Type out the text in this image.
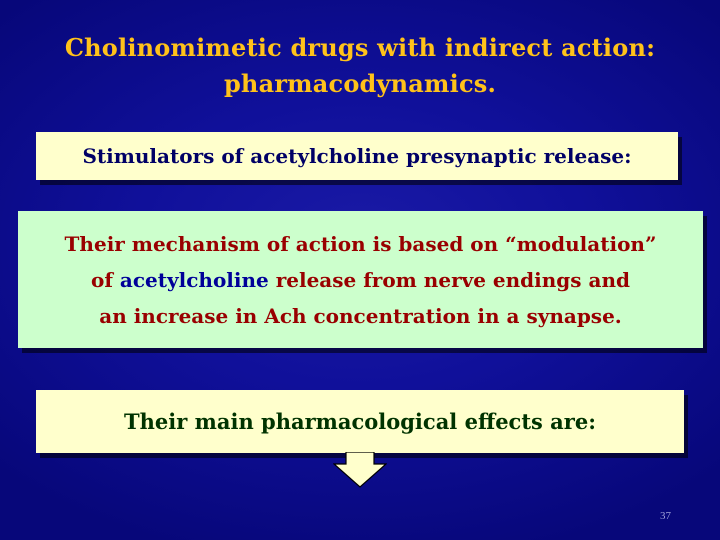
Cholinomimetic drugs with indirect action:
pharmacodynamics.
Stimulators of acetylcholine presynaptic release:
Their mechanism of action is based on “modulation”
of acetylcholine release from nerve endings and
an increase in Ach concentration in a synapse.
Their main pharmacological effects are:
37
